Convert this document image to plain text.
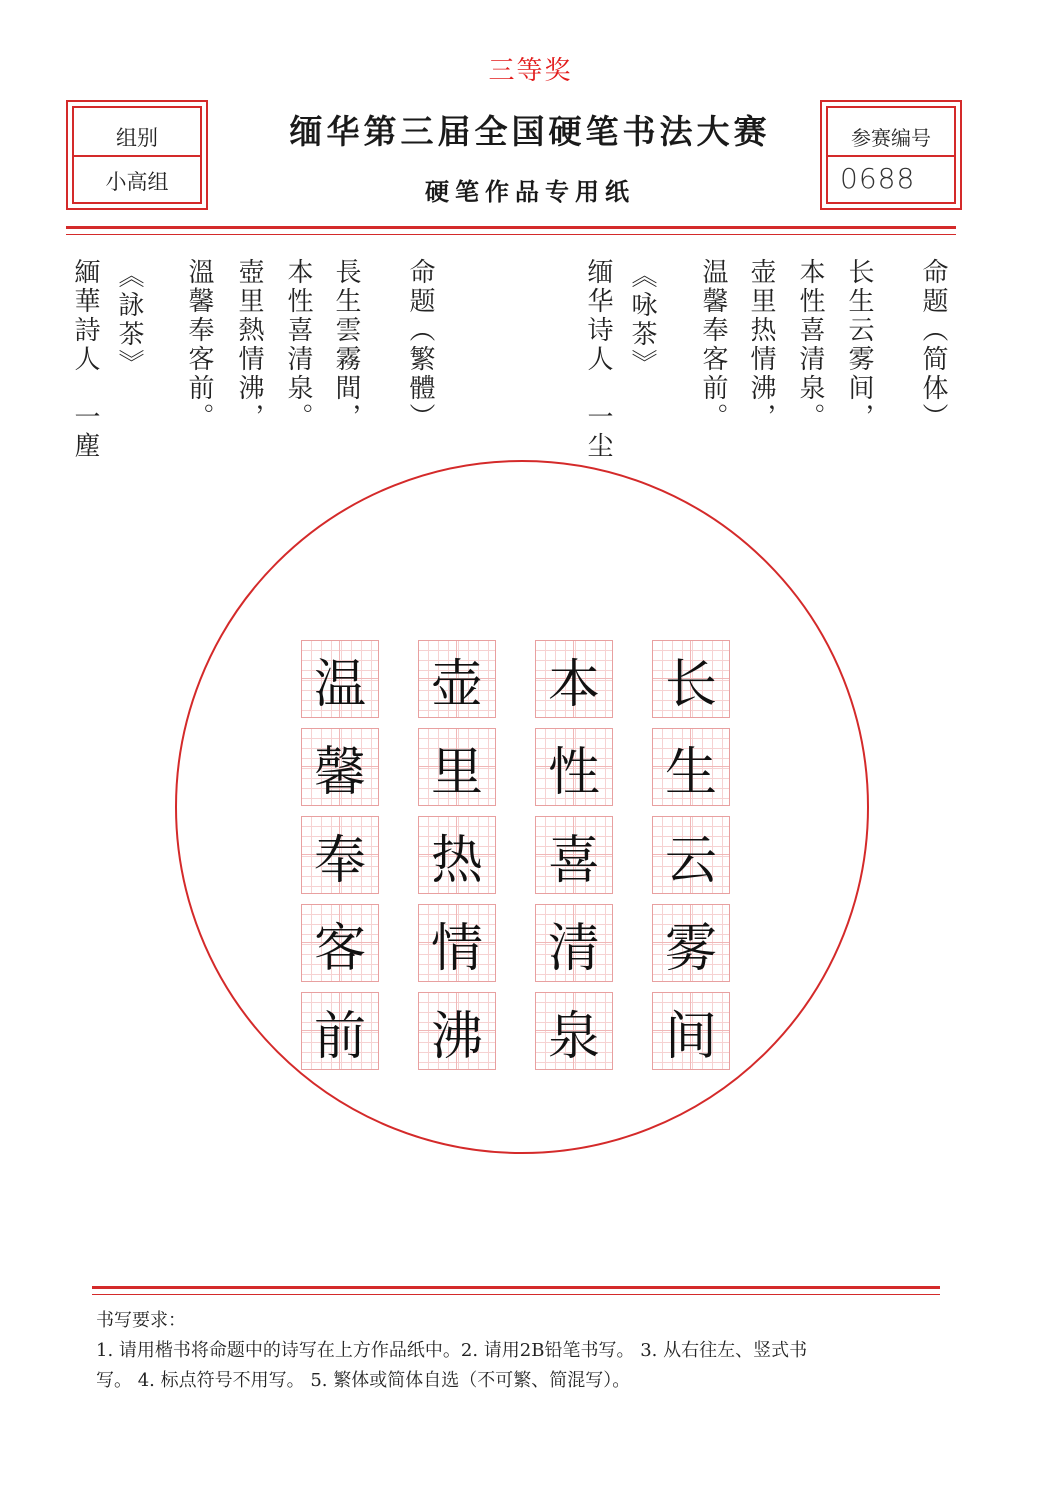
三等奖
缅华第三届全国硬笔书法大赛
硬笔作品专用纸
组别
小高组
参赛编号
0688
命题（简体）
长生云雾间，
本性喜清泉。
壶里热情沸，
温馨奉客前。
《咏茶》
缅华诗人　一尘
命题（繁體）
長生雲霧間，
本性喜清泉。
壺里熱情沸，
溫馨奉客前。
《詠茶》
緬華詩人　一塵
长
生
云
雾
间
本
性
喜
清
泉
壶
里
热
情
沸
温
馨
奉
客
前
书写要求：
1. 请用楷书将命题中的诗写在上方作品纸中。2. 请用2B铅笔书写。 3. 从右往左、竖式书
写。 4. 标点符号不用写。 5. 繁体或简体自选（不可繁、简混写）。
